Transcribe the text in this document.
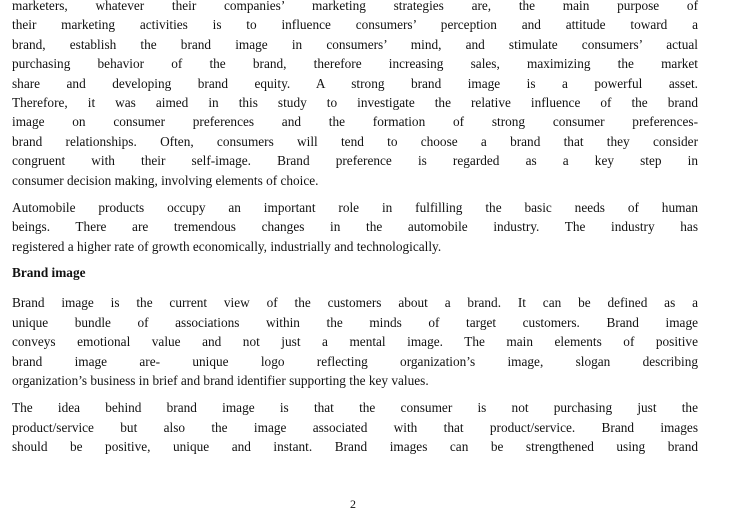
marketers, whatever their companies’ marketing strategies are, the main purpose of
their marketing activities is to influence consumers’ perception and attitude toward a
brand, establish the brand image in consumers’ mind, and stimulate consumers’ actual
purchasing behavior of the brand, therefore increasing sales, maximizing the market
share and developing brand equity. A strong brand image is a powerful asset.
Therefore, it was aimed in this study to investigate the relative influence of the brand
image on consumer preferences and the formation of strong consumer preferences-
brand relationships. Often, consumers will tend to choose a brand that they consider
congruent with their self-image. Brand preference is regarded as a key step in
consumer decision making, involving elements of choice.

Automobile products occupy an important role in fulfilling the basic needs of human
beings. There are tremendous changes in the automobile industry. The industry has
registered a higher rate of growth economically, industrially and technologically.

Brand image

Brand image is the current view of the customers about a brand. It can be defined as a
unique bundle of associations within the minds of target customers. Brand image
conveys emotional value and not just a mental image. The main elements of positive
brand image are- unique logo reflecting organization’s image, slogan describing
organization’s business in brief and brand identifier supporting the key values.

The idea behind brand image is that the consumer is not purchasing just the
product/service but also the image associated with that product/service. Brand images
should be positive, unique and instant. Brand images can be strengthened using brand

2
